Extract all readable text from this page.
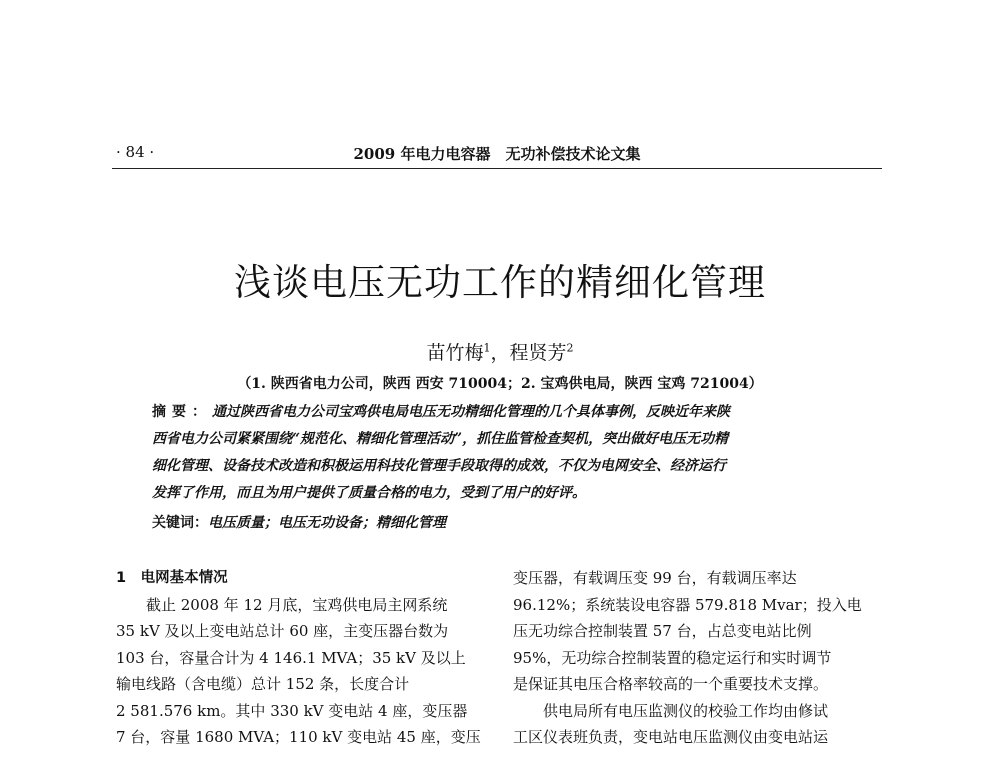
· 84 ·	2009 年电力电容器　无功补偿技术论文集
浅谈电压无功工作的精细化管理
苗竹梅$^1$，程贤芳$^2$
（1. 陕西省电力公司，陕西 西安 710004；2. 宝鸡供电局，陕西 宝鸡 721004）
摘要：通过陕西省电力公司宝鸡供电局电压无功精细化管理的几个具体事例，反映近年来陕
西省电力公司紧紧围绕“规范化、精细化管理活动”，抓住监管检查契机，突出做好电压无功精
细化管理、设备技术改造和积极运用科技化管理手段取得的成效，不仅为电网安全、经济运行
发挥了作用，而且为用户提供了质量合格的电力，受到了用户的好评。
关键词：电压质量；电压无功设备；精细化管理
1　电网基本情况
　　截止 2008 年 12 月底，宝鸡供电局主网系统
35 kV 及以上变电站总计 60 座，主变压器台数为
103 台，容量合计为 4 146.1 MVA；35 kV 及以上
输电线路（含电缆）总计 152 条，长度合计
2 581.576 km。其中 330 kV 变电站 4 座，变压器
7 台，容量 1680 MVA；110 kV 变电站 45 座，变压
变压器，有载调压变 99 台，有载调压率达
96.12%；系统装设电容器 579.818 Mvar；投入电
压无功综合控制装置 57 台，占总变电站比例
95%，无功综合控制装置的稳定运行和实时调节
是保证其电压合格率较高的一个重要技术支撑。
　　供电局所有电压监测仪的校验工作均由修试
工区仪表班负责，变电站电压监测仪由变电站运
